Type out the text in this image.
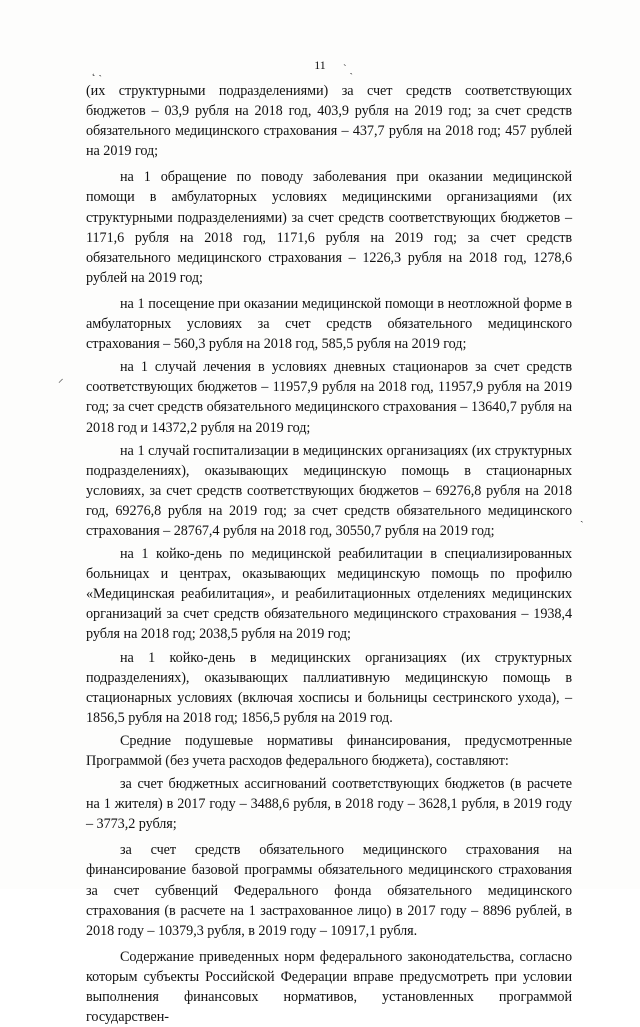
11
˛ ˎ	ˋ ˎ
⸝
ˎ

(их структурными подразделениями) за счет средств соответствующих бюджетов – 03,9 рубля на 2018 год, 403,9 рубля на 2019 год; за счет средств обязательного медицинского страхования – 437,7 рубля на 2018 год; 457 рублей на 2019 год;

на 1 обращение по поводу заболевания при оказании медицинской помощи в амбулаторных условиях медицинскими организациями (их структурными подразделениями) за счет средств соответствующих бюджетов – 1171,6 рубля на 2018 год, 1171,6 рубля на 2019 год; за счет средств обязательного медицинского страхования – 1226,3 рубля на 2018 год, 1278,6 рублей на 2019 год;

на 1 посещение при оказании медицинской помощи в неотложной форме в амбулаторных условиях за счет средств обязательного медицинского страхования – 560,3 рубля на 2018 год, 585,5 рубля на 2019 год;

на 1 случай лечения в условиях дневных стационаров за счет средств соответствующих бюджетов – 11957,9 рубля на 2018 год, 11957,9 рубля на 2019 год; за счет средств обязательного медицинского страхования – 13640,7 рубля на 2018 год и 14372,2 рубля на 2019 год;

на 1 случай госпитализации в медицинских организациях (их структурных подразделениях), оказывающих медицинскую помощь в стационарных условиях, за счет средств соответствующих бюджетов – 69276,8 рубля на 2018 год, 69276,8 рубля на 2019 год; за счет средств обязательного медицинского страхования – 28767,4 рубля на 2018 год, 30550,7 рубля на 2019 год;

на 1 койко-день по медицинской реабилитации в специализированных больницах и центрах, оказывающих медицинскую помощь по профилю «Медицинская реабилитация», и реабилитационных отделениях медицинских организаций за счет средств обязательного медицинского страхования – 1938,4 рубля на 2018 год; 2038,5 рубля на 2019 год;

на 1 койко-день в медицинских организациях (их структурных подразделениях), оказывающих паллиативную медицинскую помощь в стационарных условиях (включая хосписы и больницы сестринского ухода), – 1856,5 рубля на 2018 год; 1856,5 рубля на 2019 год.

Средние подушевые нормативы финансирования, предусмотренные Программой (без учета расходов федерального бюджета), составляют:

за счет бюджетных ассигнований соответствующих бюджетов (в расчете на 1 жителя) в 2017 году – 3488,6 рубля, в 2018 году – 3628,1 рубля, в 2019 году – 3773,2 рубля;

за счет средств обязательного медицинского страхования на финансирование базовой программы обязательного медицинского страхования за счет субвенций Федерального фонда обязательного медицинского страхования (в расчете на 1 застрахованное лицо) в 2017 году – 8896 рублей, в 2018 году – 10379,3 рубля, в 2019 году – 10917,1 рубля.

Содержание приведенных норм федерального законодательства, согласно которым субъекты Российской Федерации вправе предусмотреть при условии выполнения финансовых нормативов, установленных программой государствен-
